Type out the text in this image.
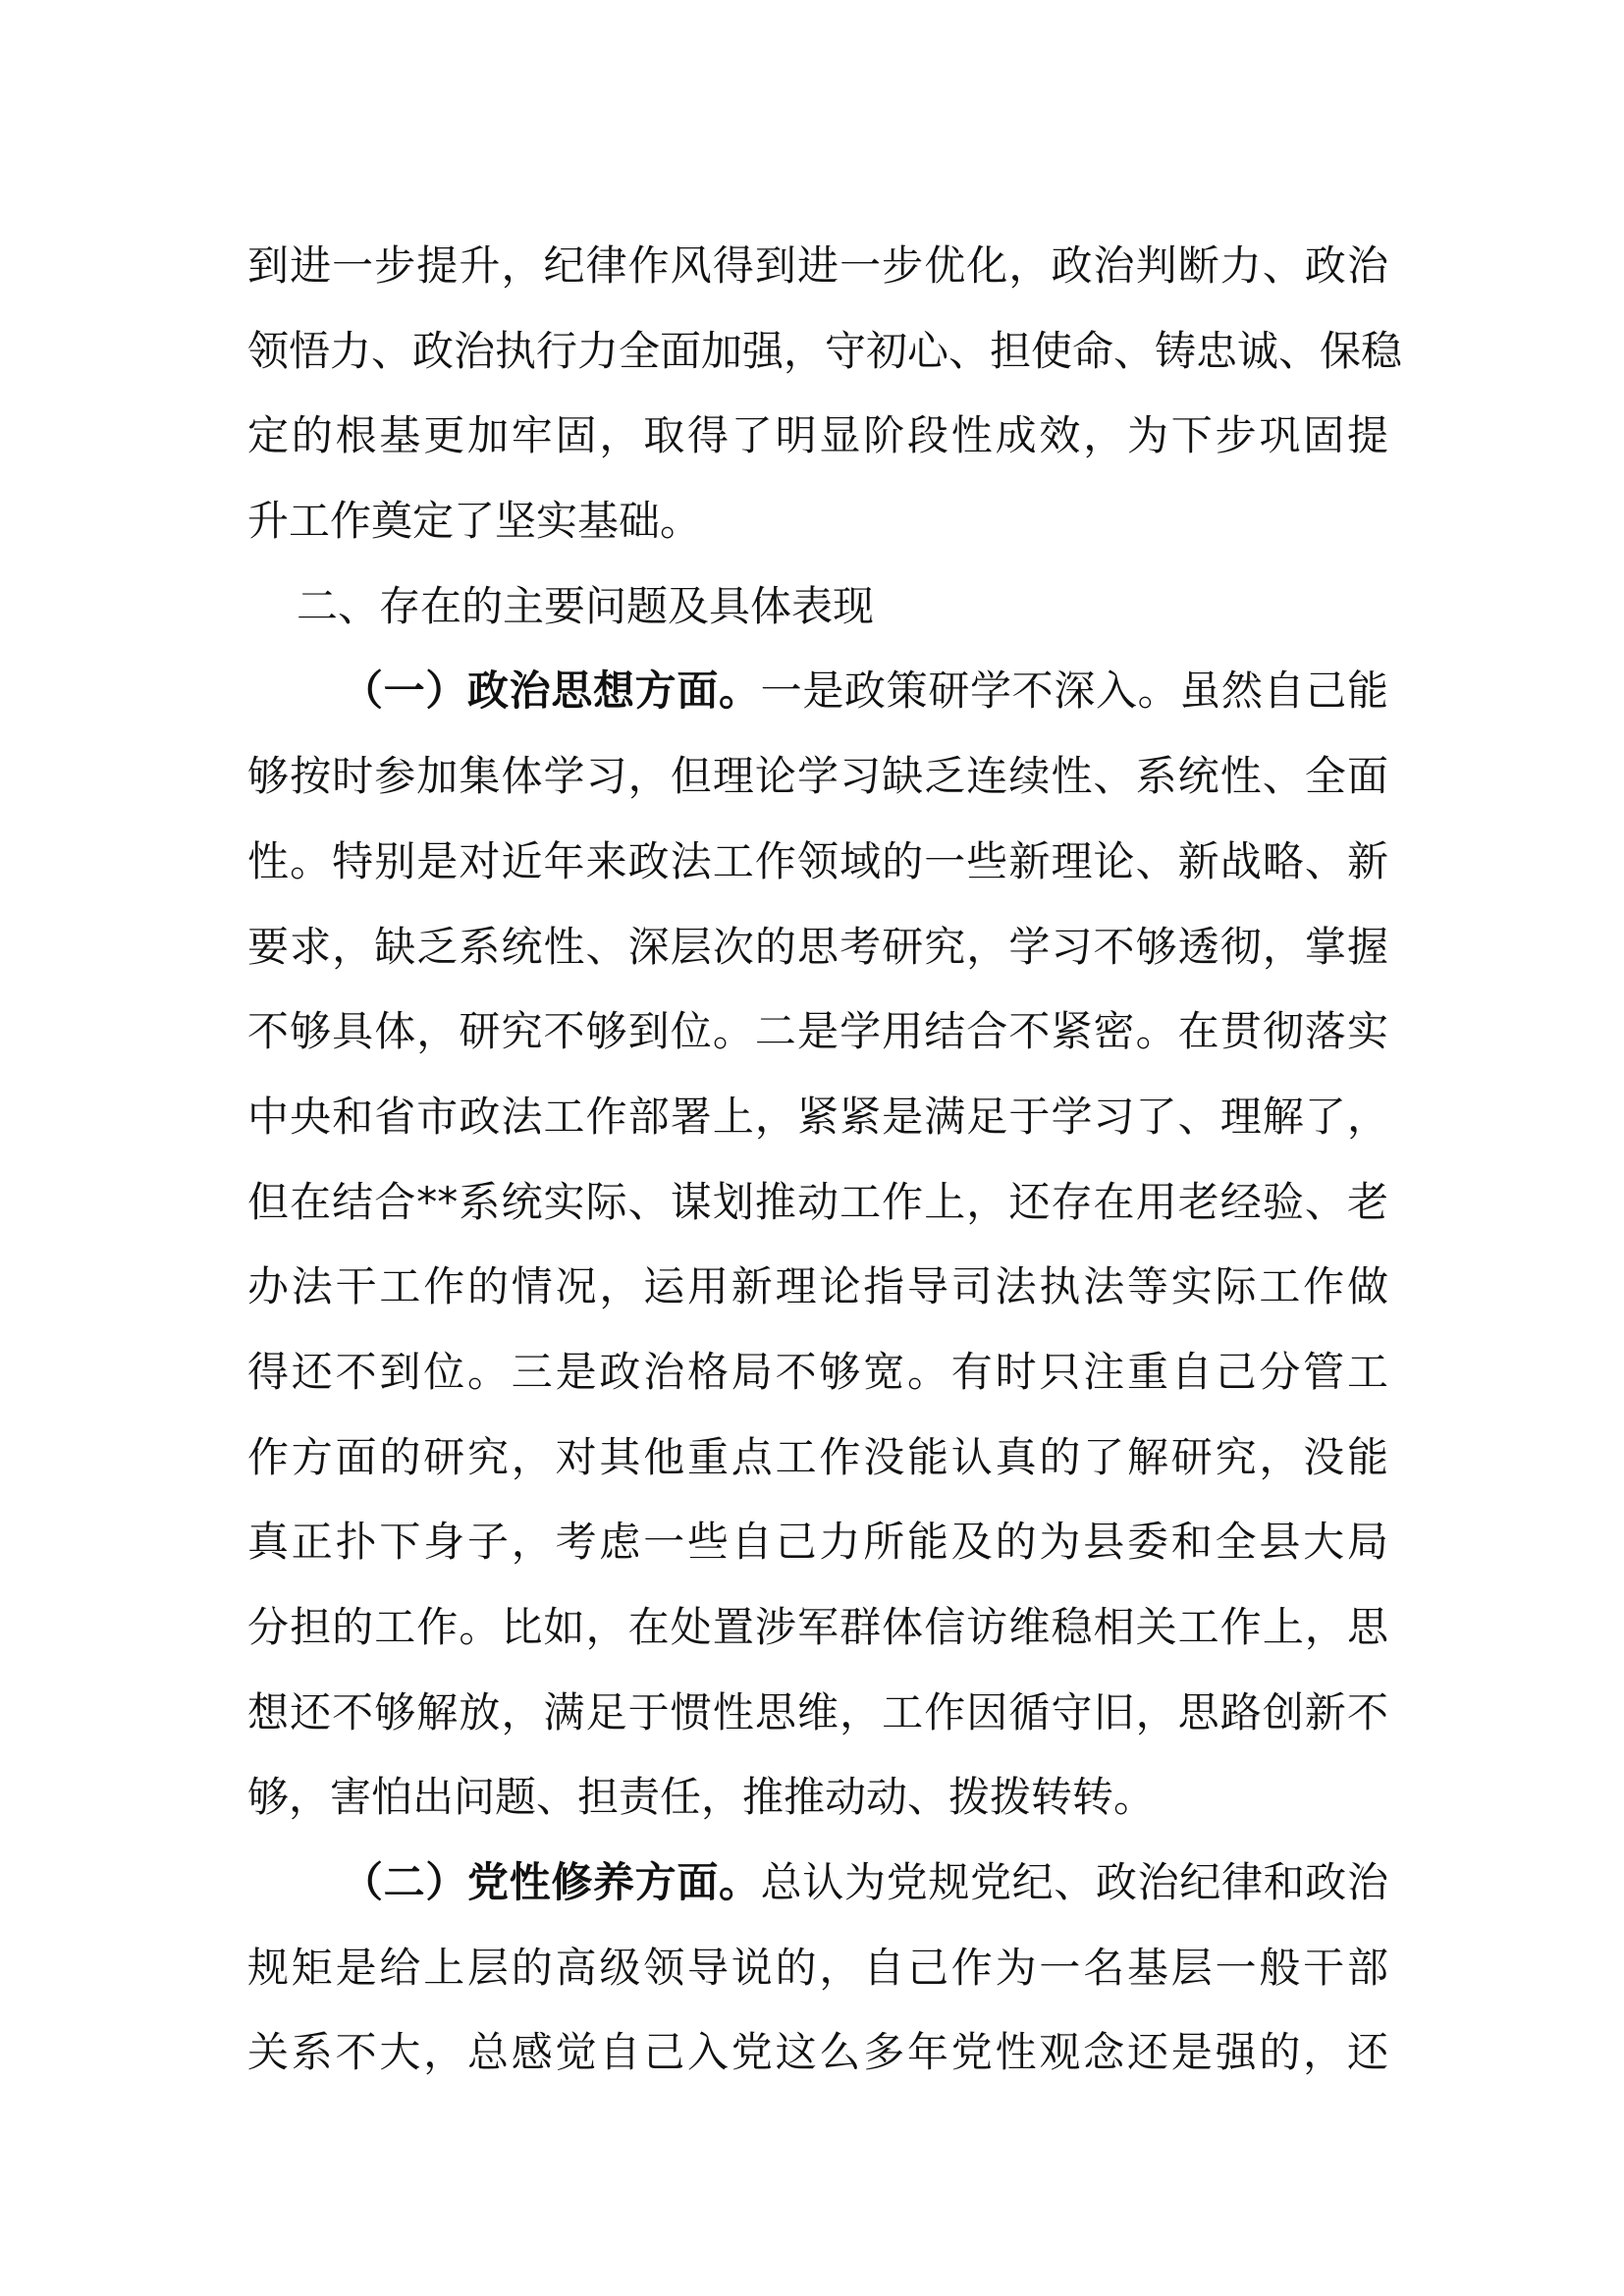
到进一步提升，纪律作风得到进一步优化，政治判断力、政治
领悟力、政治执行力全面加强，守初心、担使命、铸忠诚、保稳
定的根基更加牢固，取得了明显阶段性成效，为下步巩固提
升工作奠定了坚实基础。
二、存在的主要问题及具体表现
（一）政治思想方面。一是政策研学不深入。虽然自己能
够按时参加集体学习，但理论学习缺乏连续性、系统性、全面
性。特别是对近年来政法工作领域的一些新理论、新战略、新
要求，缺乏系统性、深层次的思考研究，学习不够透彻，掌握
不够具体，研究不够到位。二是学用结合不紧密。在贯彻落实
中央和省市政法工作部署上，紧紧是满足于学习了、理解了，
但在结合**系统实际、谋划推动工作上，还存在用老经验、老
办法干工作的情况，运用新理论指导司法执法等实际工作做
得还不到位。三是政治格局不够宽。有时只注重自己分管工
作方面的研究，对其他重点工作没能认真的了解研究，没能
真正扑下身子，考虑一些自己力所能及的为县委和全县大局
分担的工作。比如，在处置涉军群体信访维稳相关工作上，思
想还不够解放，满足于惯性思维，工作因循守旧，思路创新不
够，害怕出问题、担责任，推推动动、拨拨转转。
（二）党性修养方面。总认为党规党纪、政治纪律和政治
规矩是给上层的高级领导说的，自己作为一名基层一般干部
关系不大，总感觉自己入党这么多年党性观念还是强的，还
